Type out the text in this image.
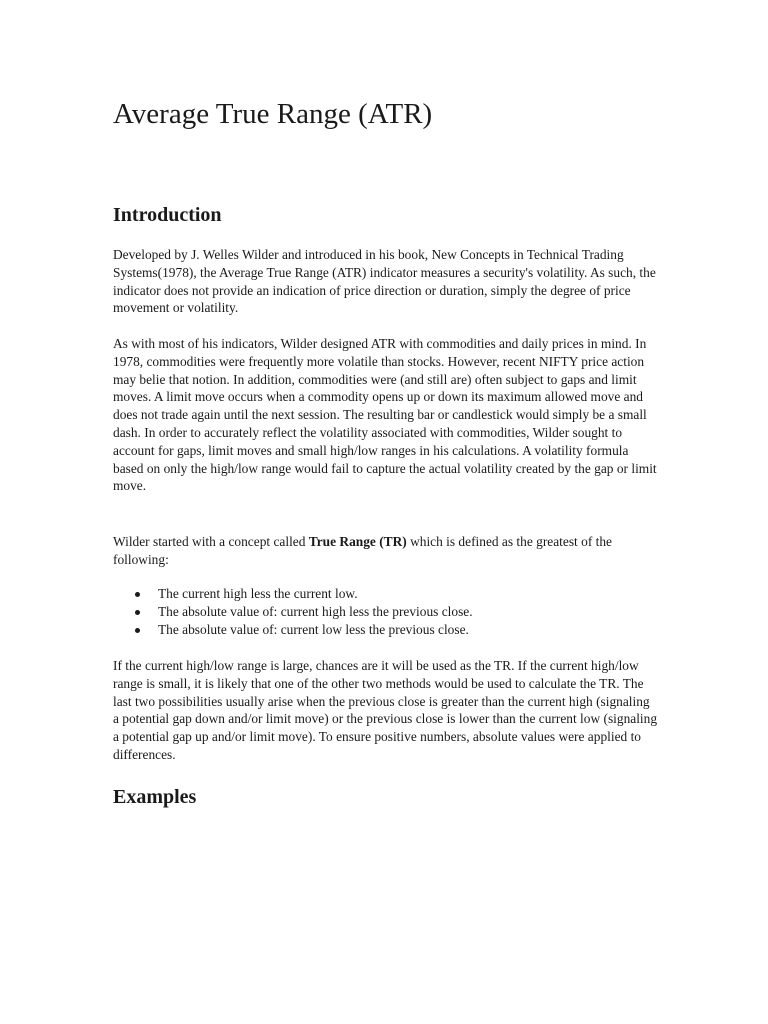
Average True Range (ATR)
Introduction

Developed by J. Welles Wilder and introduced in his book, New Concepts in Technical Trading Systems(1978), the Average True Range (ATR) indicator measures a security's volatility. As such, the indicator does not provide an indication of price direction or duration, simply the degree of price movement or volatility.

As with most of his indicators, Wilder designed ATR with commodities and daily prices in mind. In 1978, commodities were frequently more volatile than stocks. However, recent NIFTY price action may belie that notion. In addition, commodities were (and still are) often subject to gaps and limit moves. A limit move occurs when a commodity opens up or down its maximum allowed move and does not trade again until the next session. The resulting bar or candlestick would simply be a small dash. In order to accurately reflect the volatility associated with commodities, Wilder sought to account for gaps, limit moves and small high/low ranges in his calculations. A volatility formula based on only the high/low range would fail to capture the actual volatility created by the gap or limit move.

Wilder started with a concept called True Range (TR) which is defined as the greatest of the following:

The current high less the current low.
The absolute value of: current high less the previous close.
The absolute value of: current low less the previous close.

If the current high/low range is large, chances are it will be used as the TR. If the current high/low range is small, it is likely that one of the other two methods would be used to calculate the TR. The last two possibilities usually arise when the previous close is greater than the current high (signaling a potential gap down and/or limit move) or the previous close is lower than the current low (signaling a potential gap up and/or limit move). To ensure positive numbers, absolute values were applied to differences.

Examples
